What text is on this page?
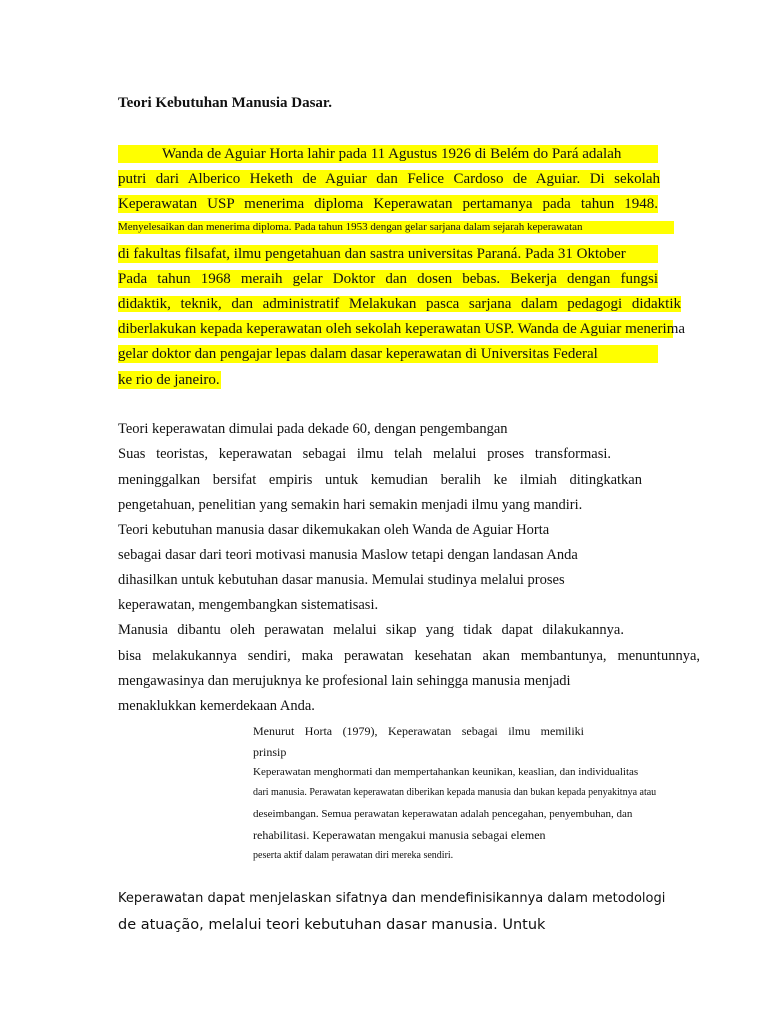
Teori Kebutuhan Manusia Dasar.
Wanda de Aguiar Horta lahir pada 11 Agustus 1926 di Belém do Pará adalah
putri dari Alberico Heketh de Aguiar dan Felice Cardoso de Aguiar. Di sekolah
Keperawatan USP menerima diploma Keperawatan pertamanya pada tahun 1948.
Menyelesaikan dan menerima diploma. Pada tahun 1953 dengan gelar sarjana dalam sejarah keperawatan
di fakultas filsafat, ilmu pengetahuan dan sastra universitas Paraná. Pada 31 Oktober
Pada tahun 1968 meraih gelar Doktor dan dosen bebas. Bekerja dengan fungsi
didaktik, teknik, dan administratif Melakukan pasca sarjana dalam pedagogi didaktik
diberlakukan kepada keperawatan oleh sekolah keperawatan USP. Wanda de Aguiar menerima
gelar doktor dan pengajar lepas dalam dasar keperawatan di Universitas Federal
ke rio de janeiro.
Teori keperawatan dimulai pada dekade 60, dengan pengembangan
Suas teoristas, keperawatan sebagai ilmu telah melalui proses transformasi.
meninggalkan bersifat empiris untuk kemudian beralih ke ilmiah ditingkatkan
pengetahuan, penelitian yang semakin hari semakin menjadi ilmu yang mandiri.
Teori kebutuhan manusia dasar dikemukakan oleh Wanda de Aguiar Horta
sebagai dasar dari teori motivasi manusia Maslow tetapi dengan landasan Anda
dihasilkan untuk kebutuhan dasar manusia. Memulai studinya melalui proses
keperawatan, mengembangkan sistematisasi.
Manusia dibantu oleh perawatan melalui sikap yang tidak dapat dilakukannya.
bisa melakukannya sendiri, maka perawatan kesehatan akan membantunya, menuntunnya,
mengawasinya dan merujuknya ke profesional lain sehingga manusia menjadi
menaklukkan kemerdekaan Anda.
Menurut Horta (1979), Keperawatan sebagai ilmu memiliki
prinsip
Keperawatan menghormati dan mempertahankan keunikan, keaslian, dan individualitas
dari manusia. Perawatan keperawatan diberikan kepada manusia dan bukan kepada penyakitnya atau
deseimbangan. Semua perawatan keperawatan adalah pencegahan, penyembuhan, dan
rehabilitasi. Keperawatan mengakui manusia sebagai elemen
peserta aktif dalam perawatan diri mereka sendiri.
Keperawatan dapat menjelaskan sifatnya dan mendefinisikannya dalam metodologi
de atuação, melalui teori kebutuhan dasar manusia. Untuk
